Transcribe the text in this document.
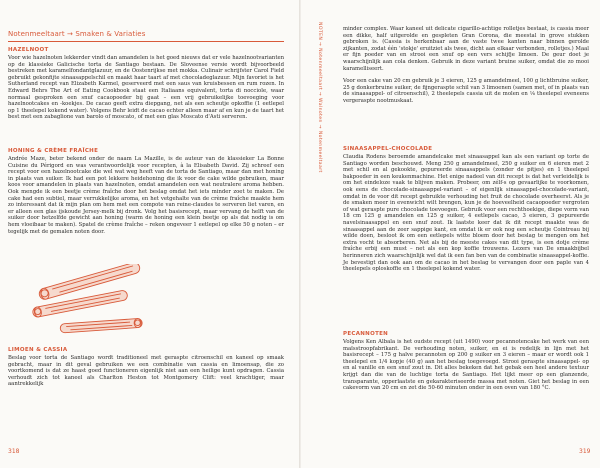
Notenmeeltaart → Smaken & Variaties
HAZELNOOT
Voor wie hazelnoten lekkerder vindt dan amandelen is het goed nieuws dat er vele hazelnootvarianten op de klassieke Galicische torta de Santiago bestaan. De Sloveense versie wordt bijvoorbeeld bestreken met karamelfondantglazuur, en de Oostenrijkse met mokka. Culinair schrijfster Carol Field gebruikt gekonfijte sinaasappelschil en maakt haar taart af met chocoladeglazuur. Mijn favoriet is het Sutherland recept van Elizabeth Karmel, geserveerd met een saus van kruisbessen en rum rozen. In Edward Behrs The Art of Eating Cookbook staat een Italiaans equivalent, torta di nocciole, waar normaal gesproken een snuf cacaopoeder bij gaat – een vrij gebruikelijke toevoeging voor hazelnootcakes en -koekjes. De cacao geeft extra diepgang, net als een scheutje opkoffie (1 eetlepel op 1 theelepel kokend water). Volgens Behr leidt de cacao echter alleen maar af en kun je de taart het best met een zabaglione van barolo of moscato, of met een glas Moscato d'Asti serveren.
HONING & CRÈME FRAÎCHE
Andrée Maze, beter bekend onder de naam La Mazille, is de auteur van de klassieker La Bonne Cuisine du Périgord en was verantwoordelijk voor recepten, à la Elisabeth David. Zij schreef een recept voor een hazelnootcake die wel wat weg heeft van de torta de Santiago, maar dan met honing in plaats van suiker. Ik had een pot lekkere heidehoning die ik voor de cake wilde gebruiken, maar koos voor amandelen in plaats van hazelnoten, omdat amandelen een wat neutralere aroma hebben. Ook mengde ik een beetje crème fraîche door het beslag omdat het iets minder zoet te maken. De cake had een subtiel, maar verrukkelijke aroma, en het vetgehalte van de crème fraîche maakte hem zo interessant dat ik mijn plan om hem met een compote van reine-claudes te serveren liet varen, en er alleen een glas ijskoude Jersey-melk bij dronk. Volg het basisrecept, maar vervang de helft van de suiker door hetzelfde gewicht aan honing (warm de honing een klein beetje op als dat nodig is om hem vloeibaar te maken). Spatel de crème fraîche – reken ongeveer 1 eetlepel op elke 50 g noten – er tegelijk met de gemalen noten door.
LIMOEN & CASSIA
Beslag voor torta de Santiago wordt traditioneel met geraspte citroenschil en kaneel op smaak gebracht, maar in dit geval gebruiken we een combinatie van cassia en limoensap, die zo voortkomend is dat ze haast goed functioneren eigenlijk niet aan een heilige kunt opdragen. Cassia verhoudt zich tot kaneel als Charlton Heston tot Montgomery Clift: veel krachtiger, maar aantrekkelijk
318
NOTEN → Notenmeeltaart → Walnoten → Notenmeeltaart	minder complex. Waar kaneel uit delicate cigarillo-achtige rolletjes bestaat, is cassia meer een dikke, half uitgerolde en gespleten Gran Corona, die meestal in grove stukken gebroken is. (Cassia is herkenbaar aan de vaste twee kanten naar binnen gerolde zijkanten, zodat één 'stokje' eruitziet als twee, dicht aan elkaar verbonden, rolletjes.) Maal er fijn poeder van en strooi een snuf op een vers schijfje limoen. De geur doet je waarschijnlijk aan cola denken. Gebruik in deze variant bruine suiker, omdat die zo mooi karamelliseert.
Voor een cake van 20 cm gebruik je 3 eieren, 125 g amandelmeel, 100 g lichtbruine suiker, 25 g donkerbruine suiker, de fijngeraspte schil van 3 limoenen (samen met, of in plaats van de sinaasappel- of citroenschil), 2 theelepels cassia uit de molen en ⅛ theelepel eveneens vergeraspte nootmuskaat.
SINAASAPPEL-CHOCOLADE
Claudia Rodens beroemde amandelcake met sinaasappel kan als een variant op torte de Santiago worden beschouwd. Meng 250 g amandelmeel, 250 g suiker en 6 eieren met 2 met schil en al gekookte, gepureerde sinaasappels (zonder de pitjes) en 1 theelepel bakpoeder in een keukenmachine. Het enige nadeel van dit recept is dat het verleidelijk is om het eindeloze vaak te blijven maken. Probeer, om zélf-s op gevaarlijke te voorkomen, ook eens de chocolade-sinaasappel-variant – of eigenlijk sinaasappel-chocolade-variant, omdat in de voor dit recept gebruikte verhouding het fruit de chocolade overheerst. Als je de smaken meer in evenwicht wilt brengen, kun je de hoeveelheid cacaopoeder vergroten of wat geraspte pure chocolade toevoegen. Gebruik voor een rechthoekige, diepe vorm van 18 cm 125 g amandelen en 125 g suiker, 4 eetlepels cacao, 3 eieren, 3 gepureerde navelsinaasappel en een snuf zout. Ik laatste keer dat ik dit recept maakte was de sinaasappel aan de zeer sappige kant, en omdat ik er ook nog een scheutje Cointreau bij wilde doen, besloot ik om een eetlepels witte bloem door het beslag te mengen om het extra vocht te absorberen. Net als bij de meeste cakes van dit type, is een dotje crème fraîche erbij een must – net als een kop koffie trouwens. Lezers van De smaakbijbel herinneren zich waarschijnlijk wel dat ik een fan ben van de combinatie sinaasappel-koffie. Je bevestigt dan ook aan om de cacao in het beslag te vervangen door een paple van 4 theelepels oploskoffie en 1 theelepel kokend water.
PECANNOTEN
Volgens Ken Albala is het oudste recept (uit 1490) voor pecannotencake het werk van een maïsstroopfabrikant. De verhouding noten, suiker, en ei is redelijk in lijn met het basisrecept – 175 g halve pecannoten op 200 g suiker en 3 eieren – maar er wordt ook 1 theelepel en 1/4 kopje (40 g) aan het beslag toegevoegd. Strooi geraspte sinaasappel- op en al vanille en een snuf zout in. Dit alles bekeken dat het gebak een heel andere textuur krijgt dan die van de luchtige torta de Santiago. Het lijkt meer op een glanzende, transparante, opperlaatste en gekarakteriseerde massa met noten. Giet het beslag in een cakevorm van 20 cm en zet die 50-60 minuten onder in een oven van 180 °C.
319
